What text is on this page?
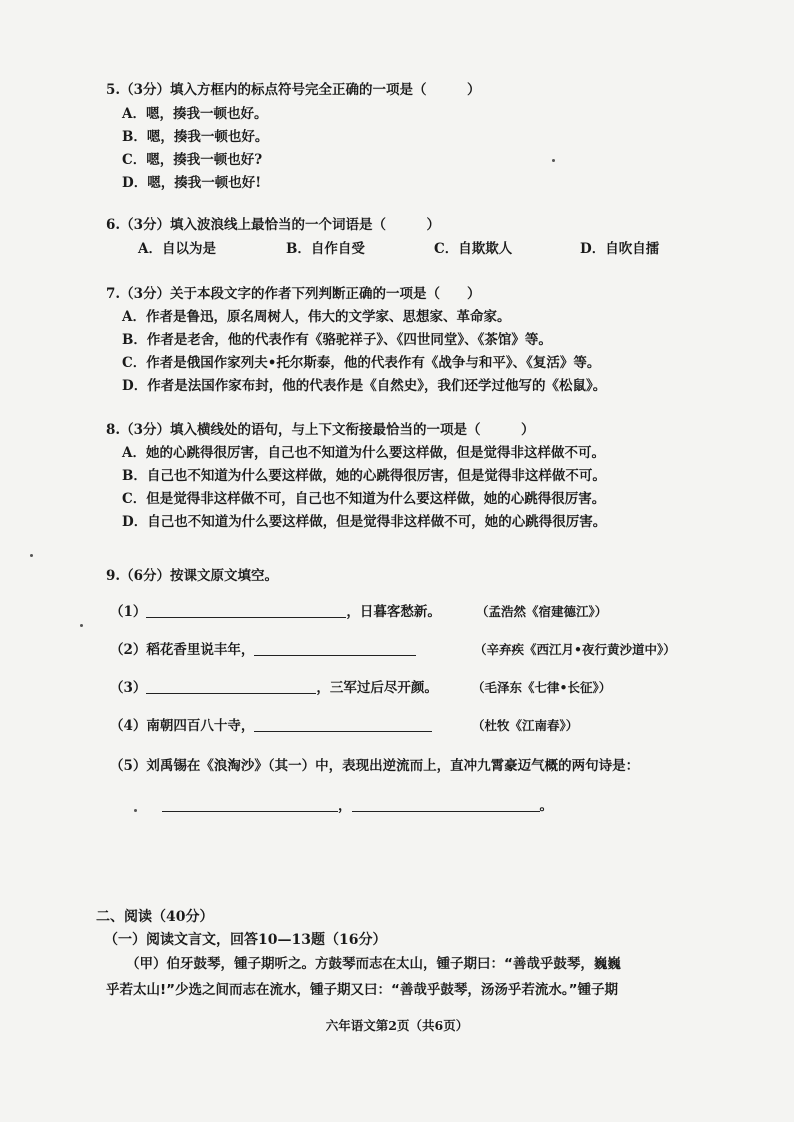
5.（3分）填入方框内的标点符号完全正确的一项是（　　　）
A．嗯，揍我一顿也好。
B．嗯，揍我一顿也好。
C．嗯，揍我一顿也好?
D．嗯，揍我一顿也好!
6.（3分）填入波浪线上最恰当的一个词语是（　　　）
A．自以为是	B．自作自受	C．自欺欺人	D．自吹自擂
7.（3分）关于本段文字的作者下列判断正确的一项是（　　）
A．作者是鲁迅，原名周树人，伟大的文学家、思想家、革命家。
B．作者是老舍，他的代表作有《骆驼祥子》、《四世同堂》、《茶馆》等。
C．作者是俄国作家列夫•托尔斯泰，他的代表作有《战争与和平》、《复活》等。
D．作者是法国作家布封，他的代表作是《自然史》，我们还学过他写的《松鼠》。
8.（3分）填入横线处的语句，与上下文衔接最恰当的一项是（　　　）
A．她的心跳得很厉害，自己也不知道为什么要这样做，但是觉得非这样做不可。
B．自己也不知道为什么要这样做，她的心跳得很厉害，但是觉得非这样做不可。
C．但是觉得非这样做不可，自己也不知道为什么要这样做，她的心跳得很厉害。
D．自己也不知道为什么要这样做，但是觉得非这样做不可，她的心跳得很厉害。
9.（6分）按课文原文填空。
（1）	，日暮客愁新。	（孟浩然《宿建德江》）
（2）稻花香里说丰年，	（辛弃疾《西江月•夜行黄沙道中》）
（3）	，三军过后尽开颜。	（毛泽东《七律•长征》）
（4）南朝四百八十寺，	（杜牧《江南春》）
（5）刘禹锡在《浪淘沙》（其一）中，表现出逆流而上，直冲九霄豪迈气概的两句诗是：
，	。
二、阅读（40分）
（一）阅读文言文，回答10—13题（16分）
（甲）伯牙鼓琴，锺子期听之。方鼓琴而志在太山，锺子期曰：“善哉乎鼓琴，巍巍
乎若太山!”少选之间而志在流水，锺子期又曰：“善哉乎鼓琴，汤汤乎若流水。”锺子期
六年语文第2页（共6页）
